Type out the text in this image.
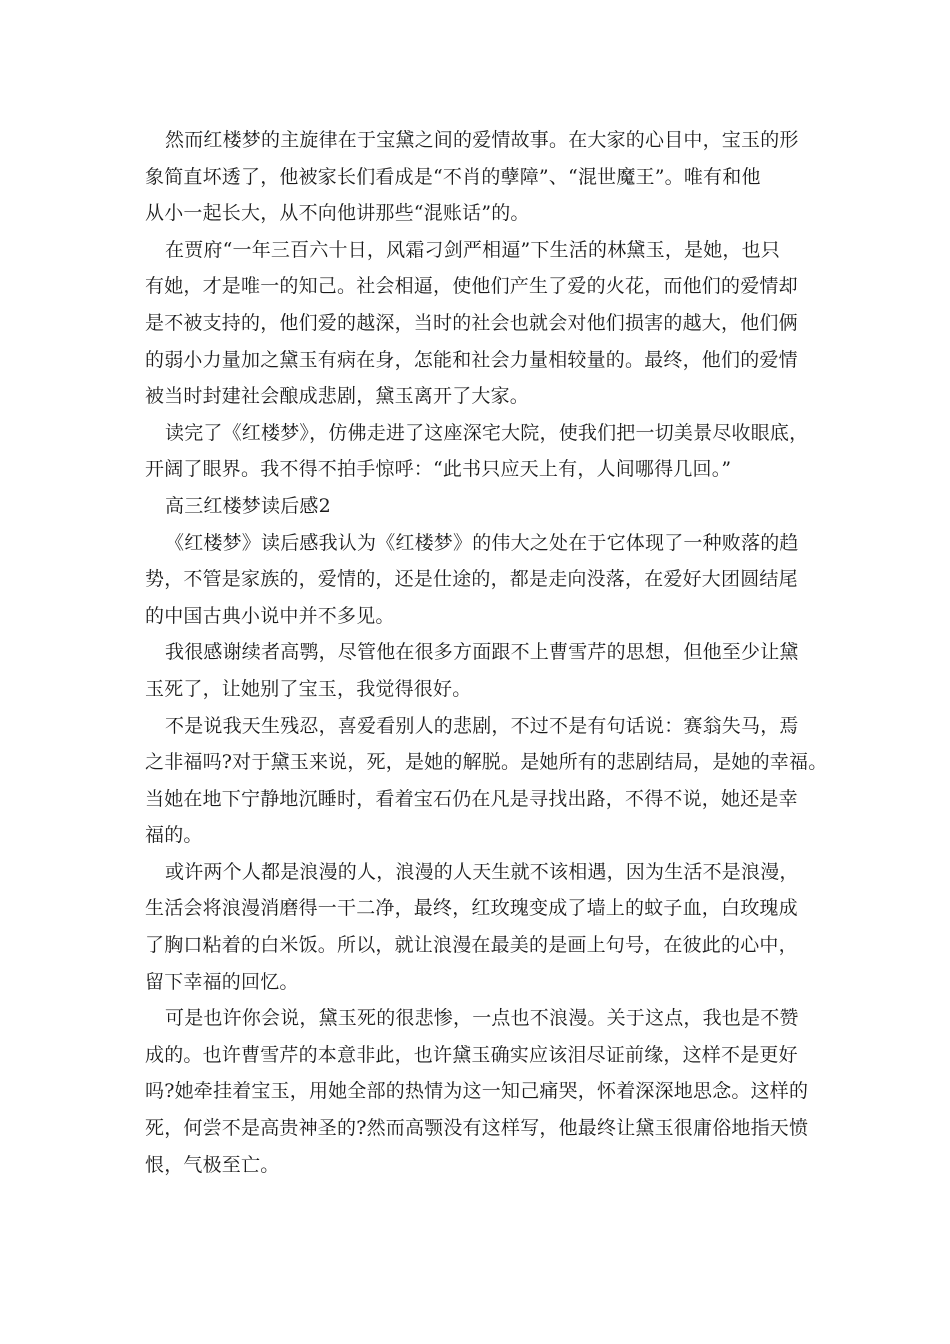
然而红楼梦的主旋律在于宝黛之间的爱情故事。在大家的心目中，宝玉的形
象简直坏透了，他被家长们看成是“不肖的孽障”、“混世魔王”。唯有和他
从小一起长大，从不向他讲那些“混账话”的。
在贾府“一年三百六十日，风霜刁剑严相逼”下生活的林黛玉，是她，也只
有她，才是唯一的知己。社会相逼，使他们产生了爱的火花，而他们的爱情却
是不被支持的，他们爱的越深，当时的社会也就会对他们损害的越大，他们俩
的弱小力量加之黛玉有病在身，怎能和社会力量相较量的。最终，他们的爱情
被当时封建社会酿成悲剧，黛玉离开了大家。
读完了《红楼梦》，仿佛走进了这座深宅大院，使我们把一切美景尽收眼底，
开阔了眼界。我不得不拍手惊呼：“此书只应天上有，人间哪得几回。”
高三红楼梦读后感2
《红楼梦》读后感我认为《红楼梦》的伟大之处在于它体现了一种败落的趋
势，不管是家族的，爱情的，还是仕途的，都是走向没落，在爱好大团圆结尾
的中国古典小说中并不多见。
我很感谢续者高鹗，尽管他在很多方面跟不上曹雪芹的思想，但他至少让黛
玉死了，让她别了宝玉，我觉得很好。
不是说我天生残忍，喜爱看别人的悲剧，不过不是有句话说：赛翁失马，焉
之非福吗?对于黛玉来说，死，是她的解脱。是她所有的悲剧结局，是她的幸福。
当她在地下宁静地沉睡时，看着宝石仍在凡是寻找出路，不得不说，她还是幸
福的。
或许两个人都是浪漫的人，浪漫的人天生就不该相遇，因为生活不是浪漫，
生活会将浪漫消磨得一干二净，最终，红玫瑰变成了墙上的蚊子血，白玫瑰成
了胸口粘着的白米饭。所以，就让浪漫在最美的是画上句号，在彼此的心中，
留下幸福的回忆。
可是也许你会说，黛玉死的很悲惨，一点也不浪漫。关于这点，我也是不赞
成的。也许曹雪芹的本意非此，也许黛玉确实应该泪尽证前缘，这样不是更好
吗?她牵挂着宝玉，用她全部的热情为这一知己痛哭，怀着深深地思念。这样的
死，何尝不是高贵神圣的?然而高颚没有这样写，他最终让黛玉很庸俗地指天愤
恨，气极至亡。
